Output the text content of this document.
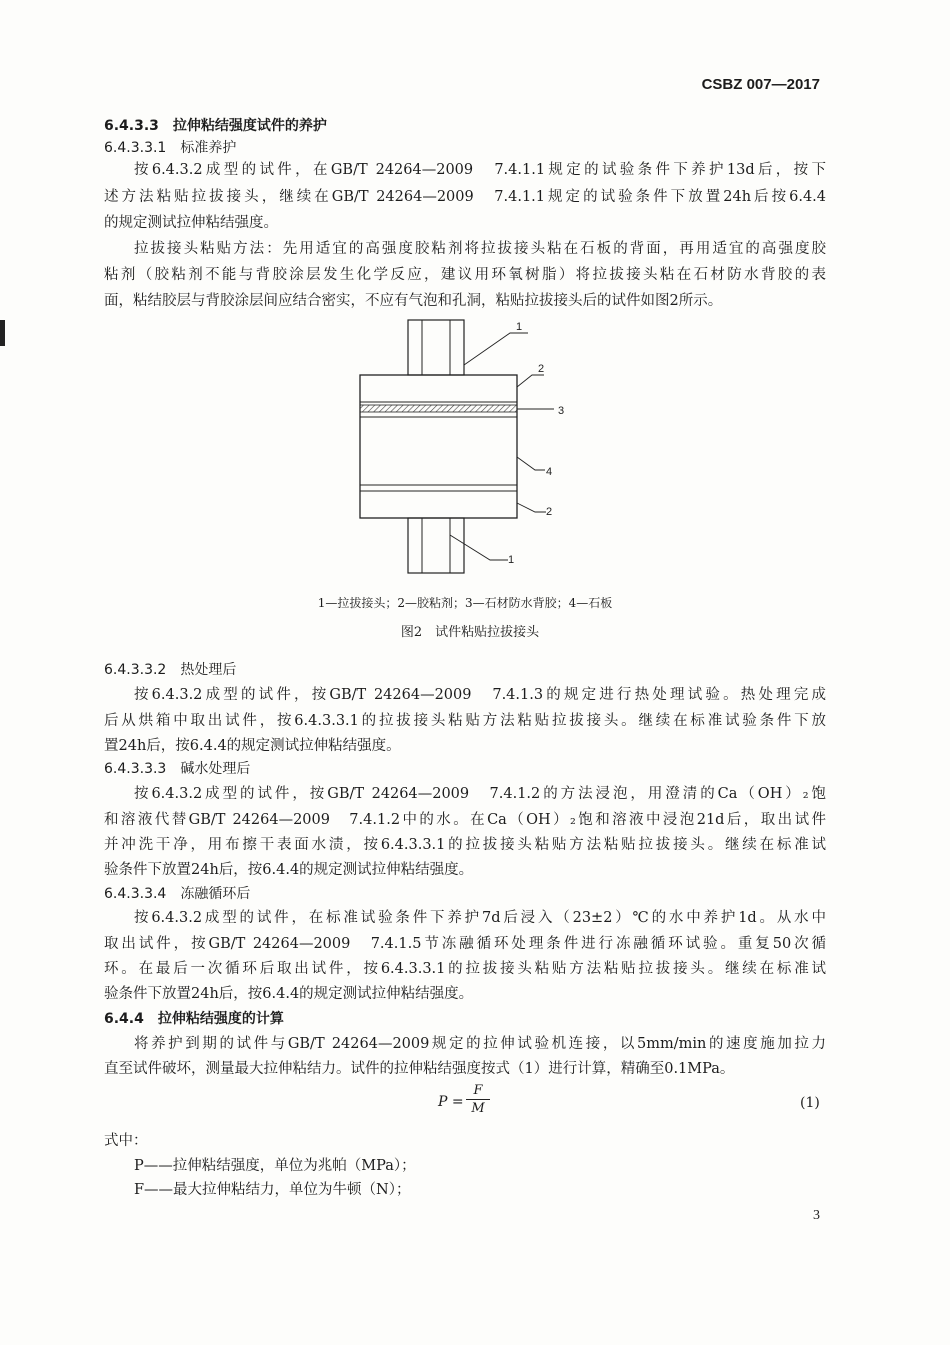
CSBZ 007—2017
6.4.3.3　拉伸粘结强度试件的养护
6.4.3.3.1　标准养护
按6.4.3.2成型的试件，在GB/T 24264—2009　7.4.1.1规定的试验条件下养护13d后，按下
述方法粘贴拉拔接头，继续在GB/T 24264—2009　7.4.1.1规定的试验条件下放置24h后按6.4.4
的规定测试拉伸粘结强度。
拉拔接头粘贴方法：先用适宜的高强度胶粘剂将拉拔接头粘在石板的背面，再用适宜的高强度胶
粘剂（胶粘剂不能与背胶涂层发生化学反应，建议用环氧树脂）将拉拔接头粘在石材防水背胶的表
面，粘结胶层与背胶涂层间应结合密实，不应有气泡和孔洞，粘贴拉拔接头后的试件如图2所示。
1
2
3
4
2
1
1—拉拔接头；2—胶粘剂；3—石材防水背胶；4—石板
图2　试件粘贴拉拔接头
6.4.3.3.2　热处理后
按6.4.3.2成型的试件，按GB/T 24264—2009　7.4.1.3的规定进行热处理试验。热处理完成
后从烘箱中取出试件，按6.4.3.3.1的拉拔接头粘贴方法粘贴拉拔接头。继续在标准试验条件下放
置24h后，按6.4.4的规定测试拉伸粘结强度。
6.4.3.3.3　碱水处理后
按6.4.3.2成型的试件，按GB/T 24264—2009　7.4.1.2的方法浸泡，用澄清的Ca（OH）₂饱
和溶液代替GB/T 24264—2009　7.4.1.2中的水。在Ca（OH）₂饱和溶液中浸泡21d后，取出试件
并冲洗干净，用布擦干表面水渍，按6.4.3.3.1的拉拔接头粘贴方法粘贴拉拔接头。继续在标准试
验条件下放置24h后，按6.4.4的规定测试拉伸粘结强度。
6.4.3.3.4　冻融循环后
按6.4.3.2成型的试件，在标准试验条件下养护7d后浸入（23±2）℃的水中养护1d。从水中
取出试件，按GB/T 24264—2009　7.4.1.5节冻融循环处理条件进行冻融循环试验。重复50次循
环。在最后一次循环后取出试件，按6.4.3.3.1的拉拔接头粘贴方法粘贴拉拔接头。继续在标准试
验条件下放置24h后，按6.4.4的规定测试拉伸粘结强度。
6.4.4　拉伸粘结强度的计算
将养护到期的试件与GB/T 24264—2009规定的拉伸试验机连接，以5mm/min的速度施加拉力
直至试件破坏，测量最大拉伸粘结力。试件的拉伸粘结强度按式（1）进行计算，精确至0.1MPa。
P =
F
M	(1)
式中：
P——拉伸粘结强度，单位为兆帕（MPa）；
F——最大拉伸粘结力，单位为牛顿（N）；
3
